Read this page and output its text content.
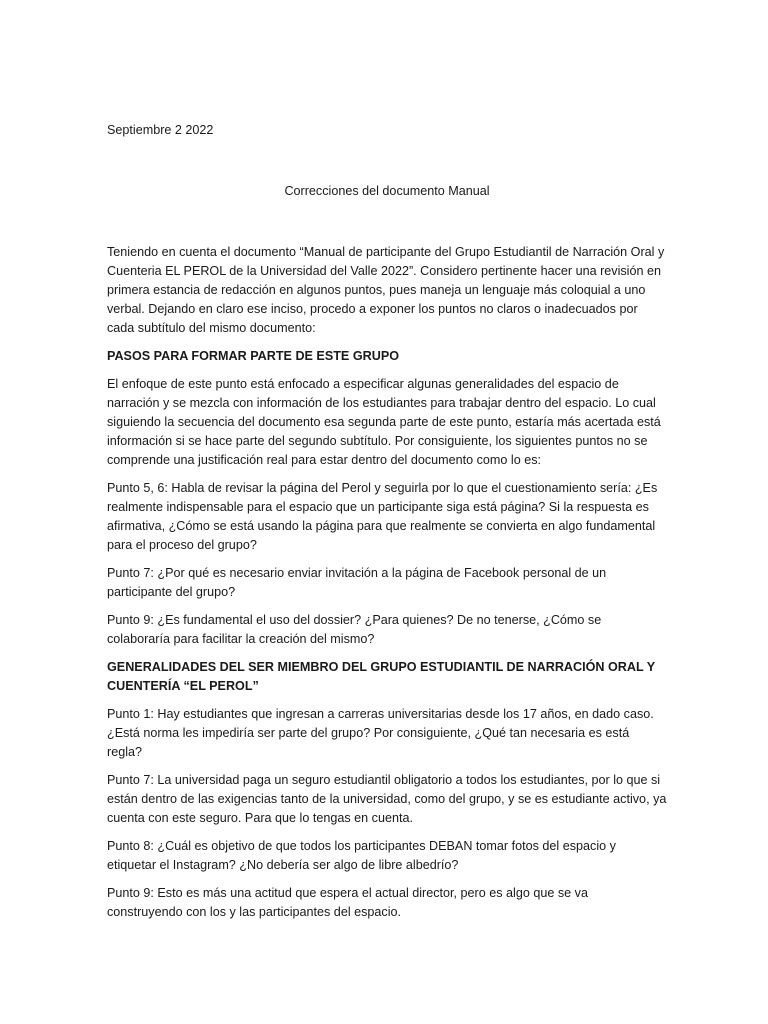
Septiembre 2 2022

Correcciones del documento Manual

Teniendo en cuenta el documento “Manual de participante del Grupo Estudiantil de Narración Oral y Cuenteria EL PEROL de la Universidad del Valle 2022”. Considero pertinente hacer una revisión en primera estancia de redacción en algunos puntos, pues maneja un lenguaje más coloquial a uno verbal. Dejando en claro ese inciso, procedo a exponer los puntos no claros o inadecuados por cada subtítulo del mismo documento:

PASOS PARA FORMAR PARTE DE ESTE GRUPO

El enfoque de este punto está enfocado a especificar algunas generalidades del espacio de narración y se mezcla con información de los estudiantes para trabajar dentro del espacio. Lo cual siguiendo la secuencia del documento esa segunda parte de este punto, estaría más acertada está información si se hace parte del segundo subtítulo. Por consiguiente, los siguientes puntos no se comprende una justificación real para estar dentro del documento como lo es:

Punto 5, 6: Habla de revisar la página del Perol y seguirla por lo que el cuestionamiento sería: ¿Es realmente indispensable para el espacio que un participante siga está página? Si la respuesta es afirmativa, ¿Cómo se está usando la página para que realmente se convierta en algo fundamental para el proceso del grupo?

Punto 7: ¿Por qué es necesario enviar invitación a la página de Facebook personal de un participante del grupo?

Punto 9: ¿Es fundamental el uso del dossier? ¿Para quienes? De no tenerse, ¿Cómo se colaboraría para facilitar la creación del mismo?

GENERALIDADES DEL SER MIEMBRO DEL GRUPO ESTUDIANTIL DE NARRACIÓN ORAL Y CUENTERÍA “EL PEROL”

Punto 1: Hay estudiantes que ingresan a carreras universitarias desde los 17 años, en dado caso. ¿Está norma les impediría ser parte del grupo? Por consiguiente, ¿Qué tan necesaria es está regla?

Punto 7: La universidad paga un seguro estudiantil obligatorio a todos los estudiantes, por lo que si están dentro de las exigencias tanto de la universidad, como del grupo, y se es estudiante activo, ya cuenta con este seguro. Para que lo tengas en cuenta.

Punto 8: ¿Cuál es objetivo de que todos los participantes DEBAN tomar fotos del espacio y etiquetar el Instagram? ¿No debería ser algo de libre albedrío?

Punto 9: Esto es más una actitud que espera el actual director, pero es algo que se va construyendo con los y las participantes del espacio.
